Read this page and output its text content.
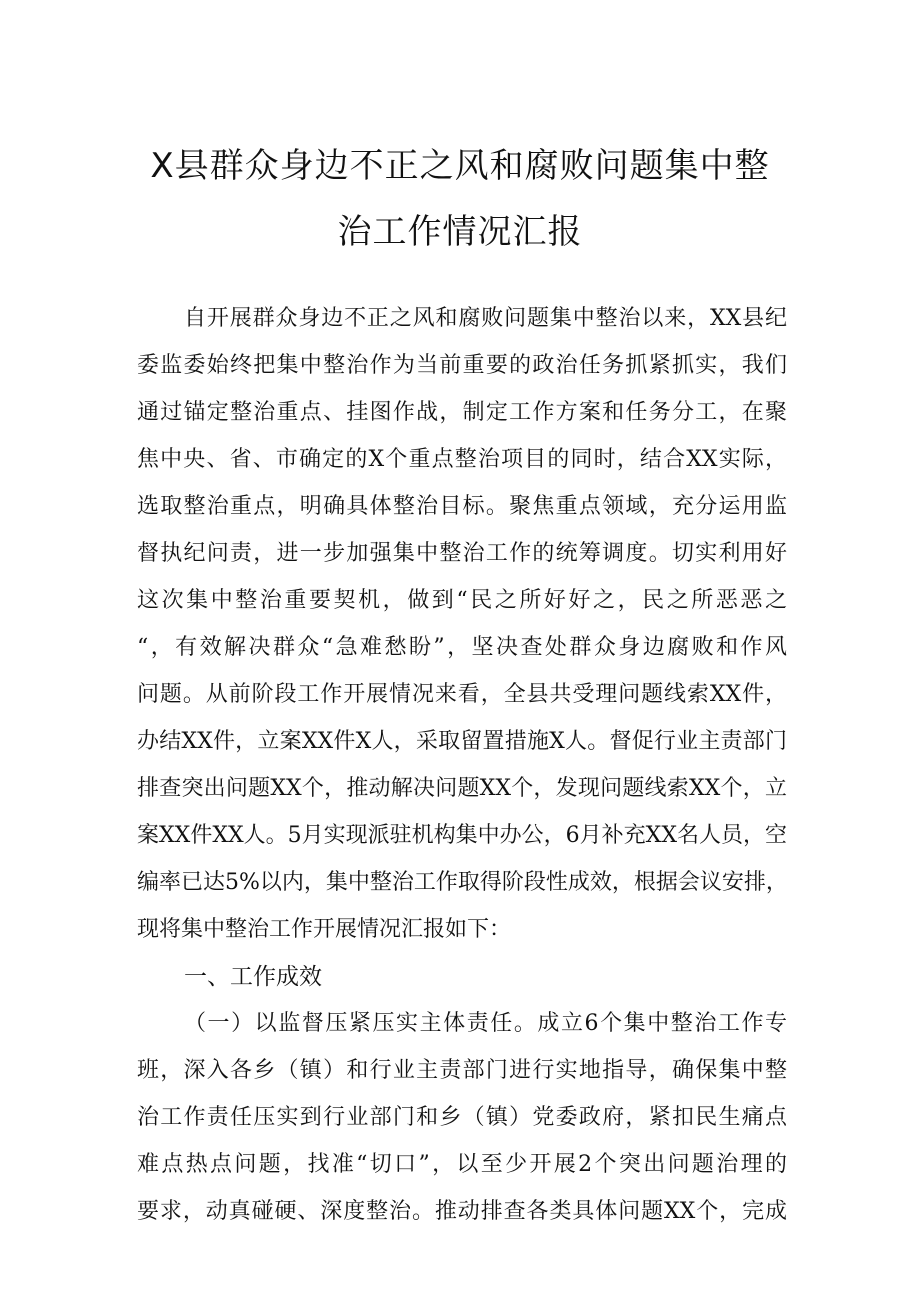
X县群众身边不正之风和腐败问题集中整
治工作情况汇报
自开展群众身边不正之风和腐败问题集中整治以来，XX县纪
委监委始终把集中整治作为当前重要的政治任务抓紧抓实，我们
通过锚定整治重点、挂图作战，制定工作方案和任务分工，在聚
焦中央、省、市确定的X个重点整治项目的同时，结合XX实际，
选取整治重点，明确具体整治目标。聚焦重点领域，充分运用监
督执纪问责，进一步加强集中整治工作的统筹调度。切实利用好
这次集中整治重要契机，做到“民之所好好之，民之所恶恶之
“，有效解决群众“急难愁盼”，坚决查处群众身边腐败和作风
问题。从前阶段工作开展情况来看，全县共受理问题线索XX件，
办结XX件，立案XX件X人，采取留置措施X人。督促行业主责部门
排查突出问题XX个，推动解决问题XX个，发现问题线索XX个，立
案XX件XX人。5月实现派驻机构集中办公，6月补充XX名人员，空
编率已达5%以内，集中整治工作取得阶段性成效，根据会议安排，
现将集中整治工作开展情况汇报如下：
一、工作成效
（一）以监督压紧压实主体责任。成立6个集中整治工作专
班，深入各乡（镇）和行业主责部门进行实地指导，确保集中整
治工作责任压实到行业部门和乡（镇）党委政府，紧扣民生痛点
难点热点问题，找准“切口”，以至少开展2个突出问题治理的
要求，动真碰硬、深度整治。推动排查各类具体问题XX个，完成
